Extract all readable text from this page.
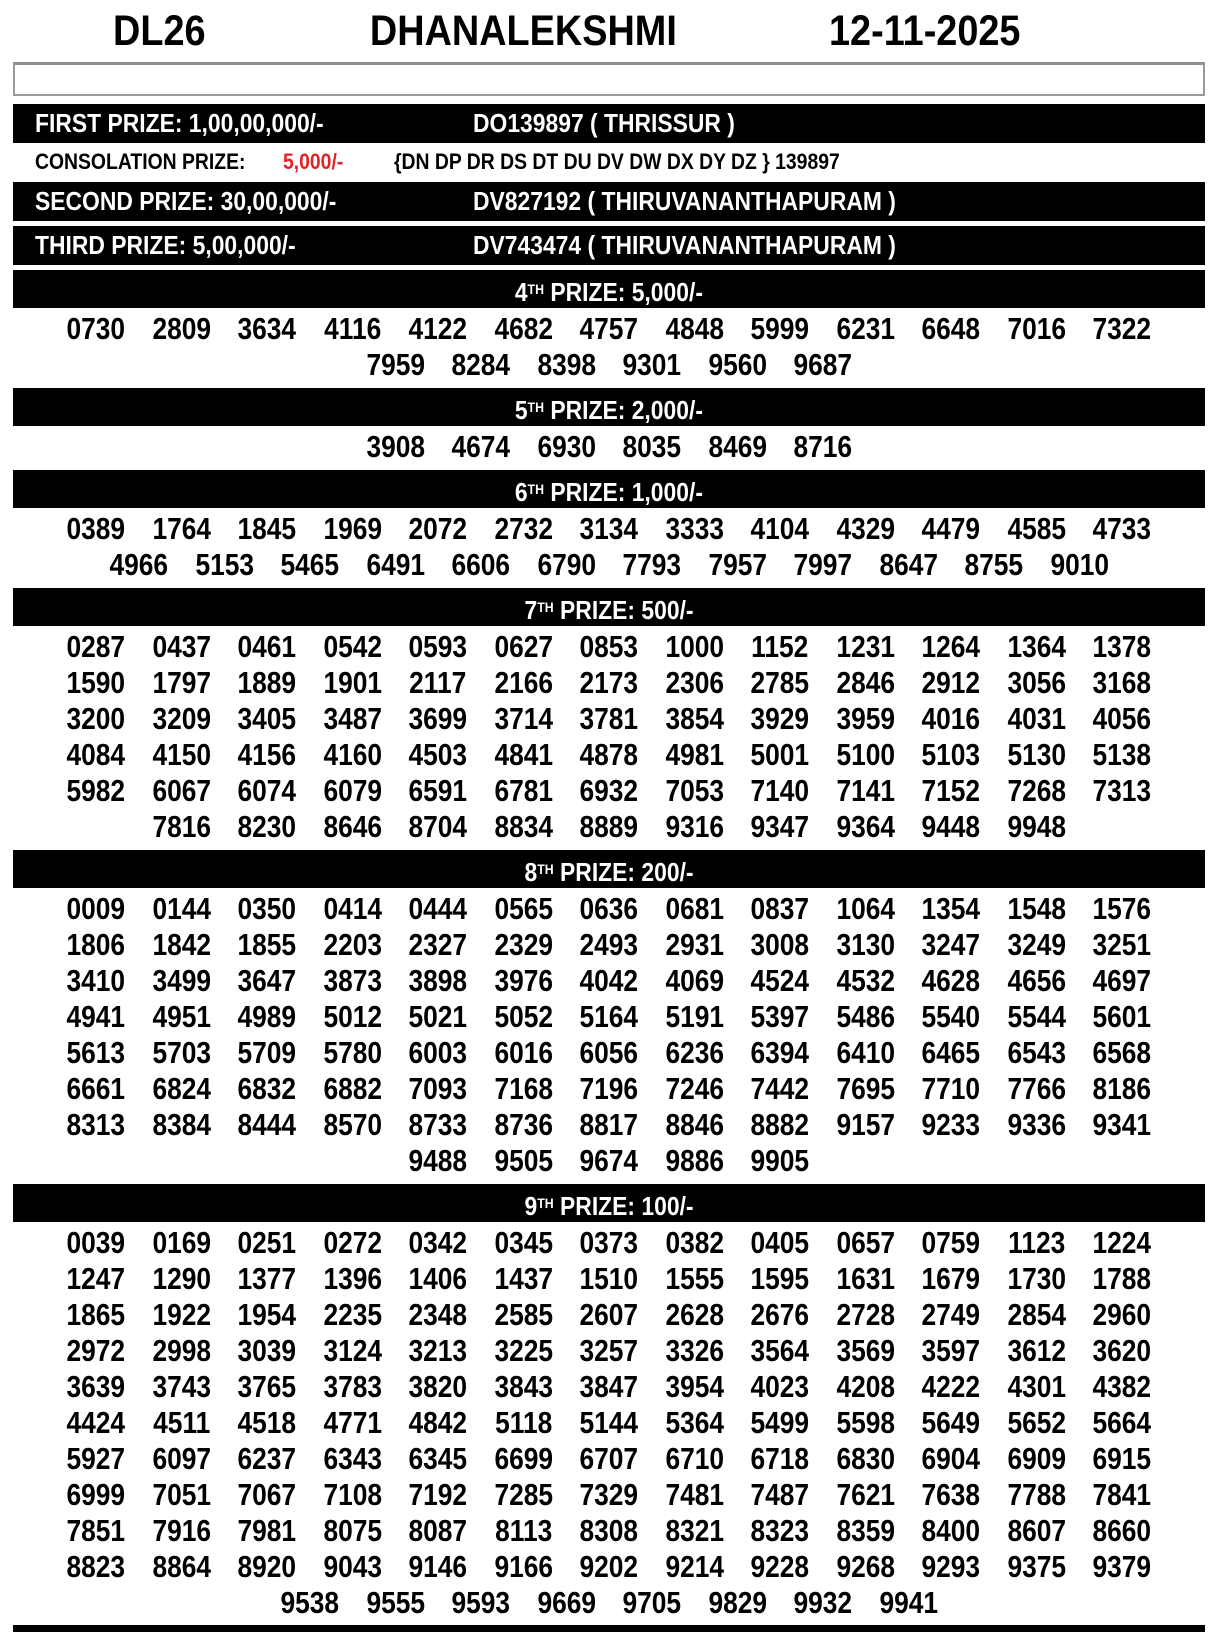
DL26	DHANALEKSHMI	12-11-2025
FIRST PRIZE: 1,00,00,000/-	DO139897 ( THRISSUR )
CONSOLATION PRIZE: 5,000/-	{DN DP DR DS DT DU DV DW DX DY DZ } 139897
SECOND PRIZE: 30,00,000/-	DV827192 ( THIRUVANANTHAPURAM )
THIRD PRIZE: 5,00,000/-	DV743474 ( THIRUVANANTHAPURAM )
4TH PRIZE: 5,000/-
0730 2809 3634 4116 4122 4682 4757 4848 5999 6231 6648 7016 7322
7959 8284 8398 9301 9560 9687
5TH PRIZE: 2,000/-
3908 4674 6930 8035 8469 8716
6TH PRIZE: 1,000/-
0389 1764 1845 1969 2072 2732 3134 3333 4104 4329 4479 4585 4733
4966 5153 5465 6491 6606 6790 7793 7957 7997 8647 8755 9010
7TH PRIZE: 500/-
0287 0437 0461 0542 0593 0627 0853 1000 1152 1231 1264 1364 1378
1590 1797 1889 1901 2117 2166 2173 2306 2785 2846 2912 3056 3168
3200 3209 3405 3487 3699 3714 3781 3854 3929 3959 4016 4031 4056
4084 4150 4156 4160 4503 4841 4878 4981 5001 5100 5103 5130 5138
5982 6067 6074 6079 6591 6781 6932 7053 7140 7141 7152 7268 7313
7816 8230 8646 8704 8834 8889 9316 9347 9364 9448 9948
8TH PRIZE: 200/-
0009 0144 0350 0414 0444 0565 0636 0681 0837 1064 1354 1548 1576
1806 1842 1855 2203 2327 2329 2493 2931 3008 3130 3247 3249 3251
3410 3499 3647 3873 3898 3976 4042 4069 4524 4532 4628 4656 4697
4941 4951 4989 5012 5021 5052 5164 5191 5397 5486 5540 5544 5601
5613 5703 5709 5780 6003 6016 6056 6236 6394 6410 6465 6543 6568
6661 6824 6832 6882 7093 7168 7196 7246 7442 7695 7710 7766 8186
8313 8384 8444 8570 8733 8736 8817 8846 8882 9157 9233 9336 9341
9488 9505 9674 9886 9905
9TH PRIZE: 100/-
0039 0169 0251 0272 0342 0345 0373 0382 0405 0657 0759 1123 1224
1247 1290 1377 1396 1406 1437 1510 1555 1595 1631 1679 1730 1788
1865 1922 1954 2235 2348 2585 2607 2628 2676 2728 2749 2854 2960
2972 2998 3039 3124 3213 3225 3257 3326 3564 3569 3597 3612 3620
3639 3743 3765 3783 3820 3843 3847 3954 4023 4208 4222 4301 4382
4424 4511 4518 4771 4842 5118 5144 5364 5499 5598 5649 5652 5664
5927 6097 6237 6343 6345 6699 6707 6710 6718 6830 6904 6909 6915
6999 7051 7067 7108 7192 7285 7329 7481 7487 7621 7638 7788 7841
7851 7916 7981 8075 8087 8113 8308 8321 8323 8359 8400 8607 8660
8823 8864 8920 9043 9146 9166 9202 9214 9228 9268 9293 9375 9379
9538 9555 9593 9669 9705 9829 9932 9941
